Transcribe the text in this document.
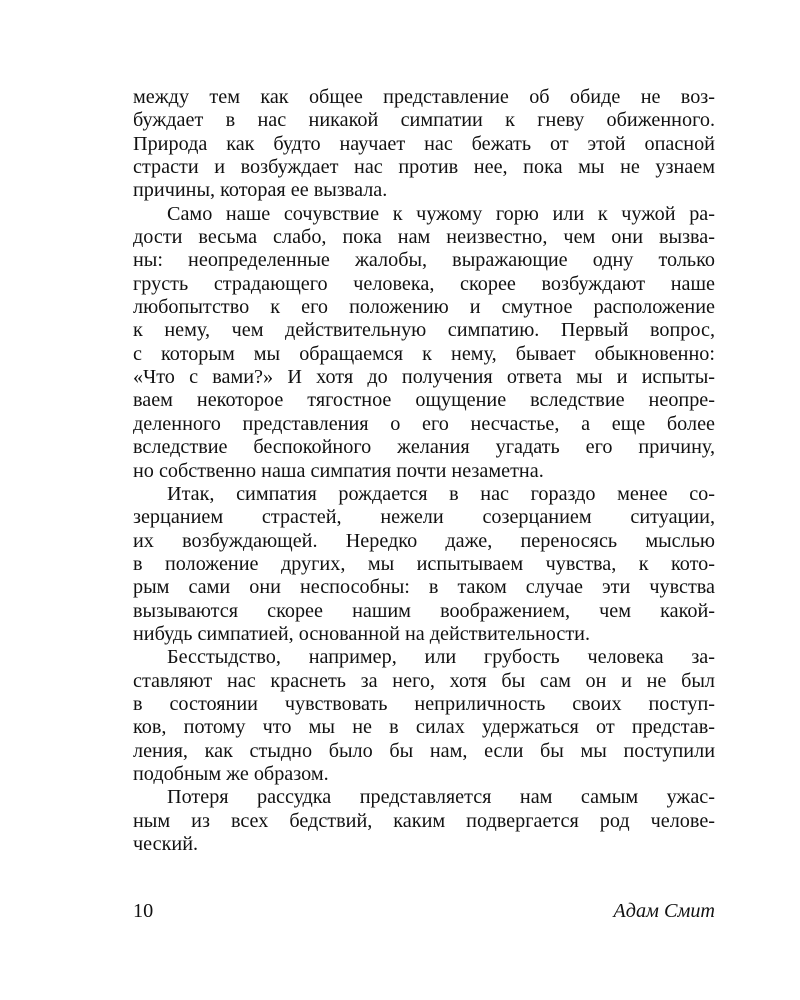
между тем как общее представление об обиде не воз-
буждает в нас никакой симпатии к гневу обиженного.
Природа как будто научает нас бежать от этой опасной
страсти и возбуждает нас против нее, пока мы не узнаем
причины, которая ее вызвала.
Само наше сочувствие к чужому горю или к чужой ра-
дости весьма слабо, пока нам неизвестно, чем они вызва-
ны: неопределенные жалобы, выражающие одну только
грусть страдающего человека, скорее возбуждают наше
любопытство к его положению и смутное расположение
к нему, чем действительную симпатию. Первый вопрос,
с которым мы обращаемся к нему, бывает обыкновенно:
«Что с вами?» И хотя до получения ответа мы и испыты-
ваем некоторое тягостное ощущение вследствие неопре-
деленного представления о его несчастье, а еще более
вследствие беспокойного желания угадать его причину,
но собственно наша симпатия почти незаметна.
Итак, симпатия рождается в нас гораздо менее со-
зерцанием страстей, нежели созерцанием ситуации,
их возбуждающей. Нередко даже, переносясь мыслью
в положение других, мы испытываем чувства, к кото-
рым сами они неспособны: в таком случае эти чувства
вызываются скорее нашим воображением, чем какой-
нибудь симпатией, основанной на действительности.
Бесстыдство, например, или грубость человека за-
ставляют нас краснеть за него, хотя бы сам он и не был
в состоянии чувствовать неприличность своих поступ-
ков, потому что мы не в силах удержаться от представ-
ления, как стыдно было бы нам, если бы мы поступили
подобным же образом.
Потеря рассудка представляется нам самым ужас-
ным из всех бедствий, каким подвергается род челове-
ческий.
10	Адам Смит
